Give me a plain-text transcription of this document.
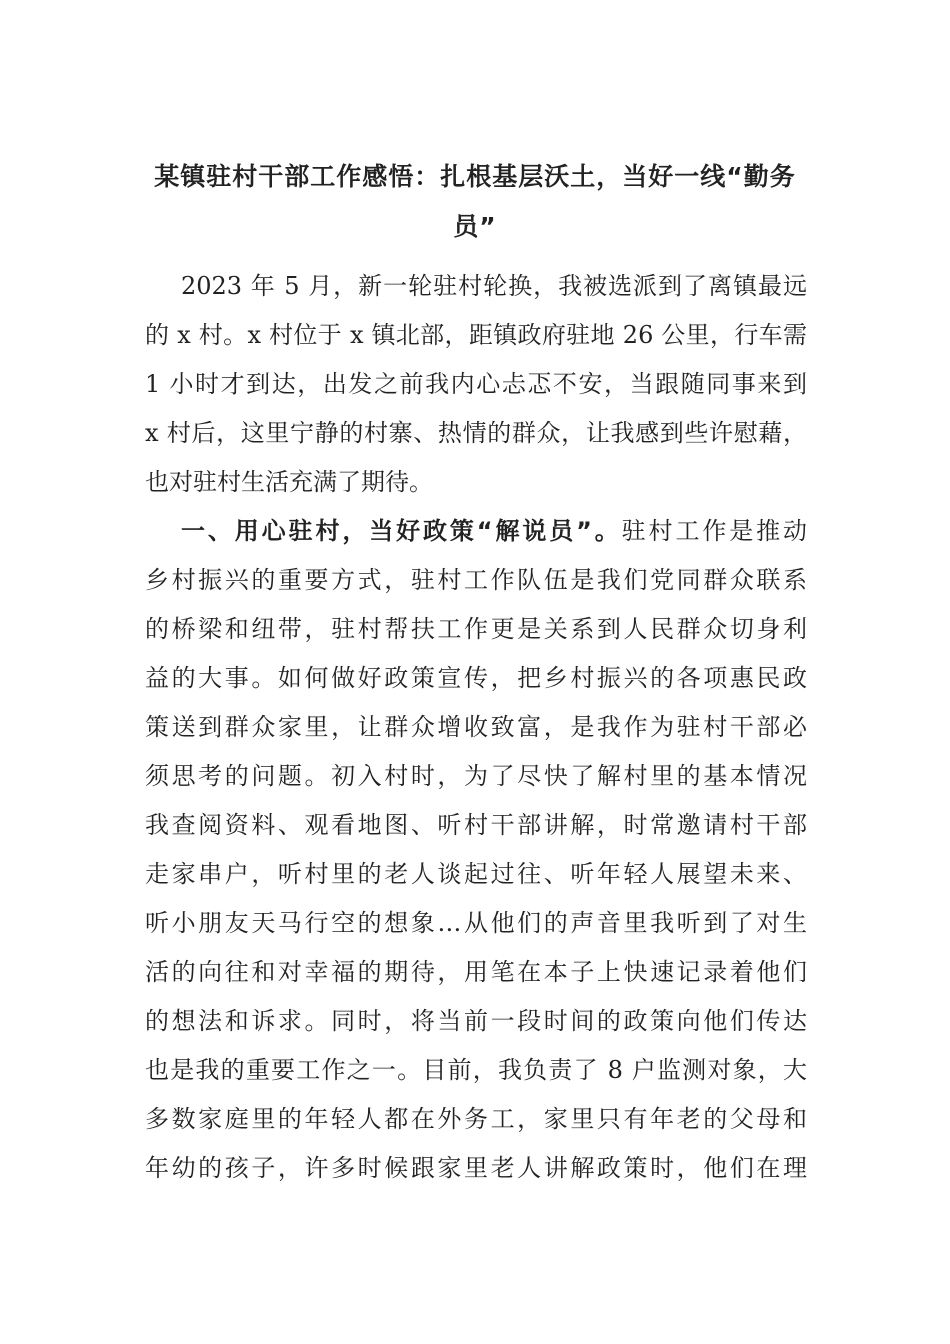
某镇驻村干部工作感悟：扎根基层沃土，当好一线“勤务
员”
2023 年 5 月，新一轮驻村轮换，我被选派到了离镇最远
的 x 村。x 村位于 x 镇北部，距镇政府驻地 26 公里，行车需
1 小时才到达，出发之前我内心忐忑不安，当跟随同事来到
x 村后，这里宁静的村寨、热情的群众，让我感到些许慰藉，
也对驻村生活充满了期待。
一、用心驻村，当好政策“解说员”。驻村工作是推动
乡村振兴的重要方式，驻村工作队伍是我们党同群众联系
的桥梁和纽带，驻村帮扶工作更是关系到人民群众切身利
益的大事。如何做好政策宣传，把乡村振兴的各项惠民政
策送到群众家里，让群众增收致富，是我作为驻村干部必
须思考的问题。初入村时，为了尽快了解村里的基本情况
我查阅资料、观看地图、听村干部讲解，时常邀请村干部
走家串户，听村里的老人谈起过往、听年轻人展望未来、
听小朋友天马行空的想象…从他们的声音里我听到了对生
活的向往和对幸福的期待，用笔在本子上快速记录着他们
的想法和诉求。同时，将当前一段时间的政策向他们传达
也是我的重要工作之一。目前，我负责了 8 户监测对象，大
多数家庭里的年轻人都在外务工，家里只有年老的父母和
年幼的孩子，许多时候跟家里老人讲解政策时，他们在理
